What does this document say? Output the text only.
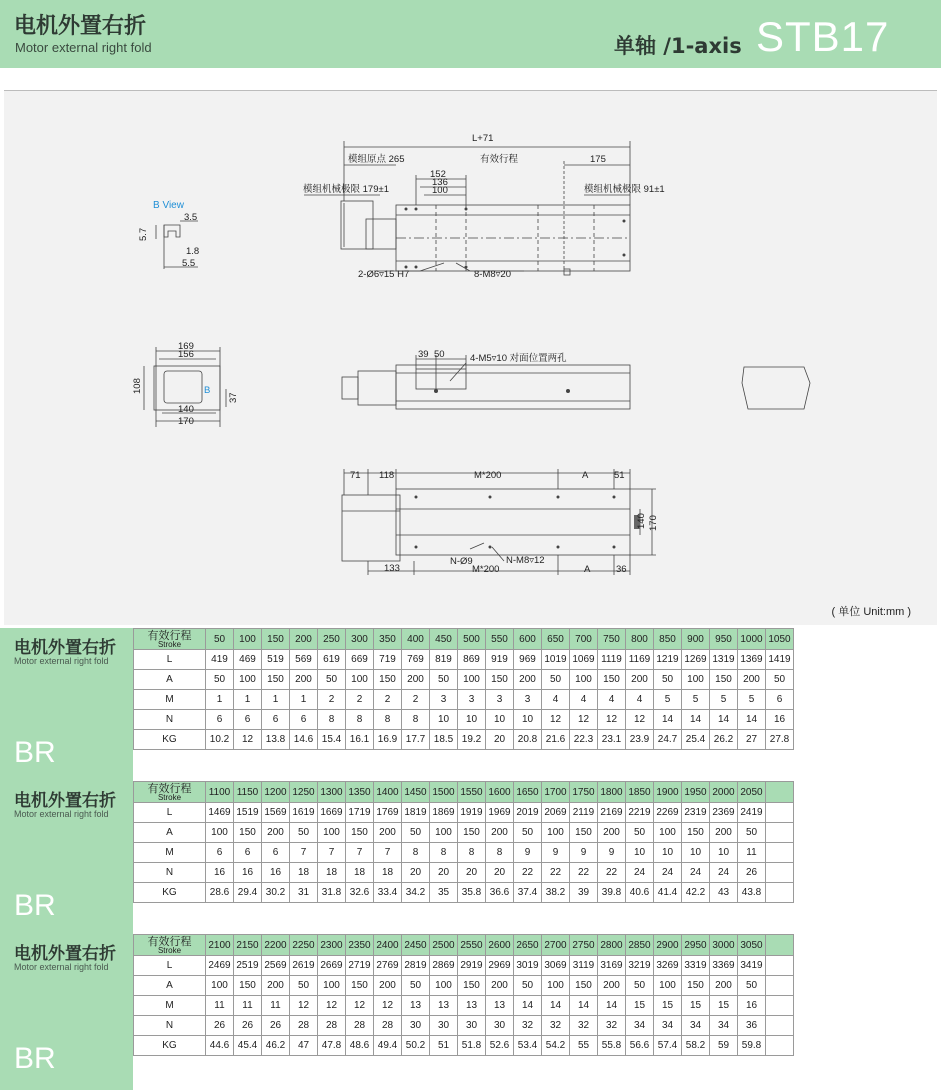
电机外置右折
Motor external right fold	单轴 /1-axis STB17
L+71
模组原点 265	有效行程	175
152
136
100
模组机械极限 179±1	模组机械极限 91±1
2-Ø6▿15 H7	8-M8▿20
B View
3.5
5.7
1.8
5.5
169
156
108
140
170
37
B
39 50	4-M5▿10 对面位置两孔
71 118	M*200	A	51
140 170
133
N-Ø9	N-M8▿12
M*200	A	36
( 单位 Unit:mm )
电机外置右折
Motor external right fold
BR
有效行程
Stroke	50	100	150	200	250	300	350	400	450	500	550	600	650	700	750	800	850	900	950	1000	1050
L	419	469	519	569	619	669	719	769	819	869	919	969	1019	1069	1119	1169	1219	1269	1319	1369	1419
A	50	100	150	200	50	100	150	200	50	100	150	200	50	100	150	200	50	100	150	200	50
M	1	1	1	1	2	2	2	2	3	3	3	3	4	4	4	4	5	5	5	5	6
N	6	6	6	6	8	8	8	8	10	10	10	10	12	12	12	12	14	14	14	14	16
KG	10.2	12	13.8	14.6	15.4	16.1	16.9	17.7	18.5	19.2	20	20.8	21.6	22.3	23.1	23.9	24.7	25.4	26.2	27	27.8
电机外置右折
Motor external right fold
BR
有效行程
Stroke	1100	1150	1200	1250	1300	1350	1400	1450	1500	1550	1600	1650	1700	1750	1800	1850	1900	1950	2000	2050	
L	1469	1519	1569	1619	1669	1719	1769	1819	1869	1919	1969	2019	2069	2119	2169	2219	2269	2319	2369	2419	
A	100	150	200	50	100	150	200	50	100	150	200	50	100	150	200	50	100	150	200	50	
M	6	6	6	7	7	7	7	8	8	8	8	9	9	9	9	10	10	10	10	11	
N	16	16	16	18	18	18	18	20	20	20	20	22	22	22	22	24	24	24	24	26	
KG	28.6	29.4	30.2	31	31.8	32.6	33.4	34.2	35	35.8	36.6	37.4	38.2	39	39.8	40.6	41.4	42.2	43	43.8	
电机外置右折
Motor external right fold
BR
有效行程
Stroke	2100	2150	2200	2250	2300	2350	2400	2450	2500	2550	2600	2650	2700	2750	2800	2850	2900	2950	3000	3050	
L	2469	2519	2569	2619	2669	2719	2769	2819	2869	2919	2969	3019	3069	3119	3169	3219	3269	3319	3369	3419	
A	100	150	200	50	100	150	200	50	100	150	200	50	100	150	200	50	100	150	200	50	
M	11	11	11	12	12	12	12	13	13	13	13	14	14	14	14	15	15	15	15	16	
N	26	26	26	28	28	28	28	30	30	30	30	32	32	32	32	34	34	34	34	36	
KG	44.6	45.4	46.2	47	47.8	48.6	49.4	50.2	51	51.8	52.6	53.4	54.2	55	55.8	56.6	57.4	58.2	59	59.8	
